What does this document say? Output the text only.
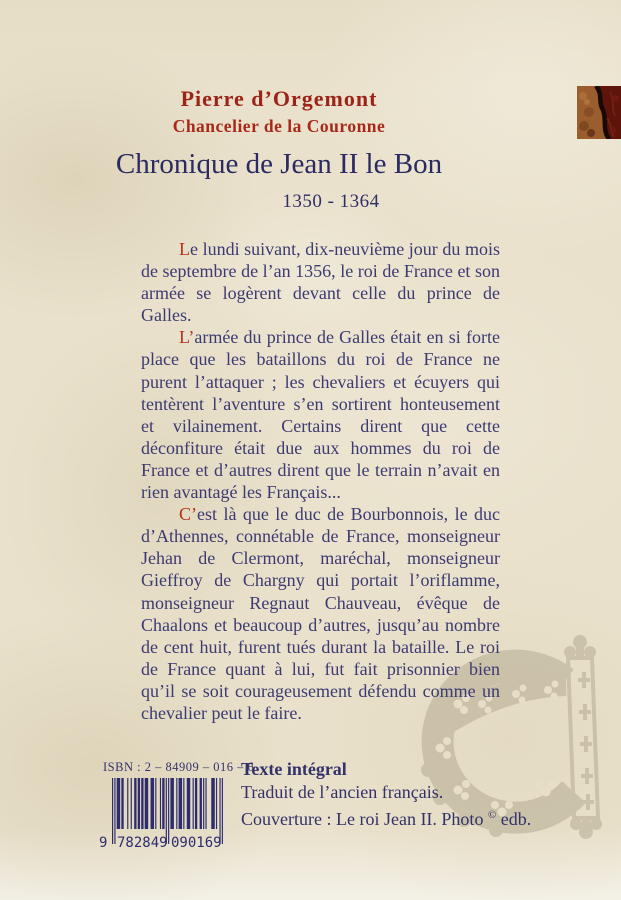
Pierre d’Orgemont
Chancelier de la Couronne
Chronique de Jean II le Bon
1350 - 1364

Le lundi suivant, dix-neuvième jour du mois de septembre de l’an 1356, le roi de France et son armée se logèrent devant celle du prince de Galles.

L’armée du prince de Galles était en si forte place que les bataillons du roi de France ne purent l’attaquer ; les chevaliers et écuyers qui tentèrent l’aventure s’en sortirent honteusement et vilainement. Certains dirent que cette déconfiture était due aux hommes du roi de France et d’autres dirent que le terrain n’avait en rien avantagé les Français...

C’est là que le duc de Bourbonnois, le duc d’Athennes, connétable de France, monseigneur Jehan de Clermont, maréchal, monseigneur Gieffroy de Chargny qui portait l’oriflamme, monseigneur Regnaut Chauveau, évêque de Chaalons et beaucoup d’autres, jusqu’au nombre de cent huit, furent tués durant la bataille. Le roi de France quant à lui, fut fait prisonnier bien qu’il se soit courageusement défendu comme un chevalier peut le faire.

ISBN : 2 – 84909 – 016 – 6
9 782849 090169
Texte intégral
Traduit de l’ancien français.
Couverture : Le roi Jean II. Photo © edb.
